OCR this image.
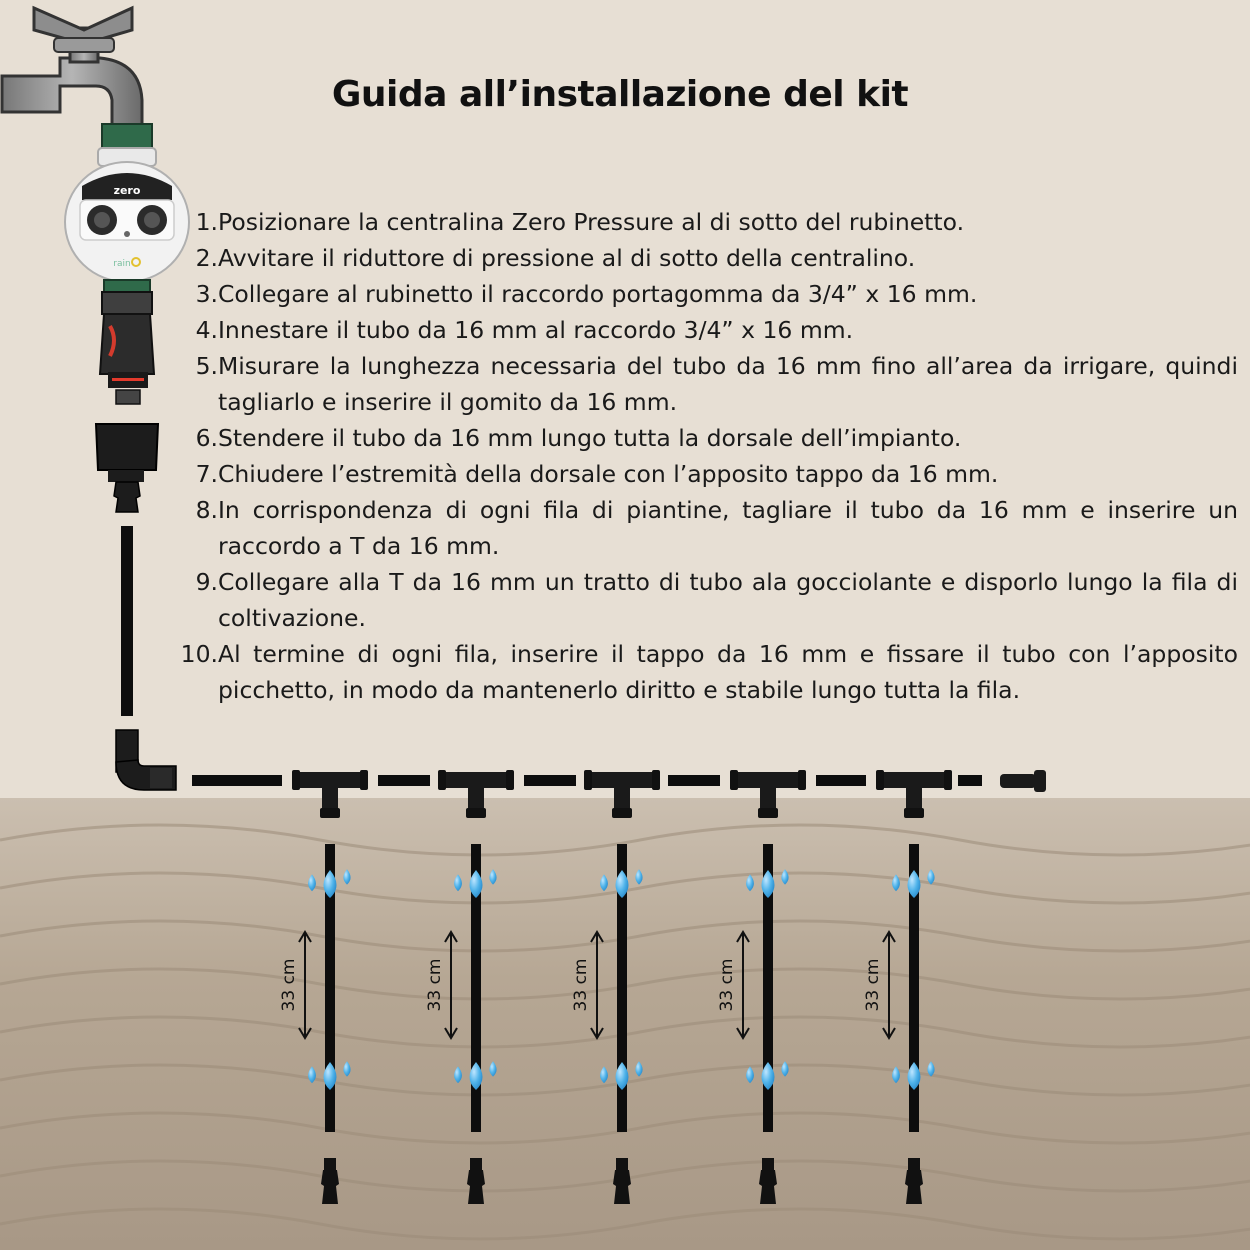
zero
rain
33 cm	33 cm	33 cm	33 cm	33 cm
Guida all’installazione del kit
1. Posizionare la centralina Zero Pressure al di sotto del rubinetto.
2. Avvitare il riduttore di pressione al di sotto della centralino.
3. Collegare al rubinetto il raccordo portagomma da 3/4” x 16 mm.
4. Innestare il tubo da 16 mm al raccordo 3/4” x 16 mm.
5. Misurare la lunghezza necessaria del tubo da 16 mm fino all’area da irrigare, quindi tagliarlo e inserire il gomito da 16 mm.
6. Stendere il tubo da 16 mm lungo tutta la dorsale dell’impianto.
7. Chiudere l’estremità della dorsale con l’apposito tappo da 16 mm.
8. In corrispondenza di ogni fila di piantine, tagliare il tubo da 16 mm e inserire un raccordo a T da 16 mm.
9. Collegare alla T da 16 mm un tratto di tubo ala gocciolante e disporlo lungo la fila di coltivazione.
10. Al termine di ogni fila, inserire il tappo da 16 mm e fissare il tubo con l’apposito picchetto, in modo da mantenerlo diritto e stabile lungo tutta la fila.
